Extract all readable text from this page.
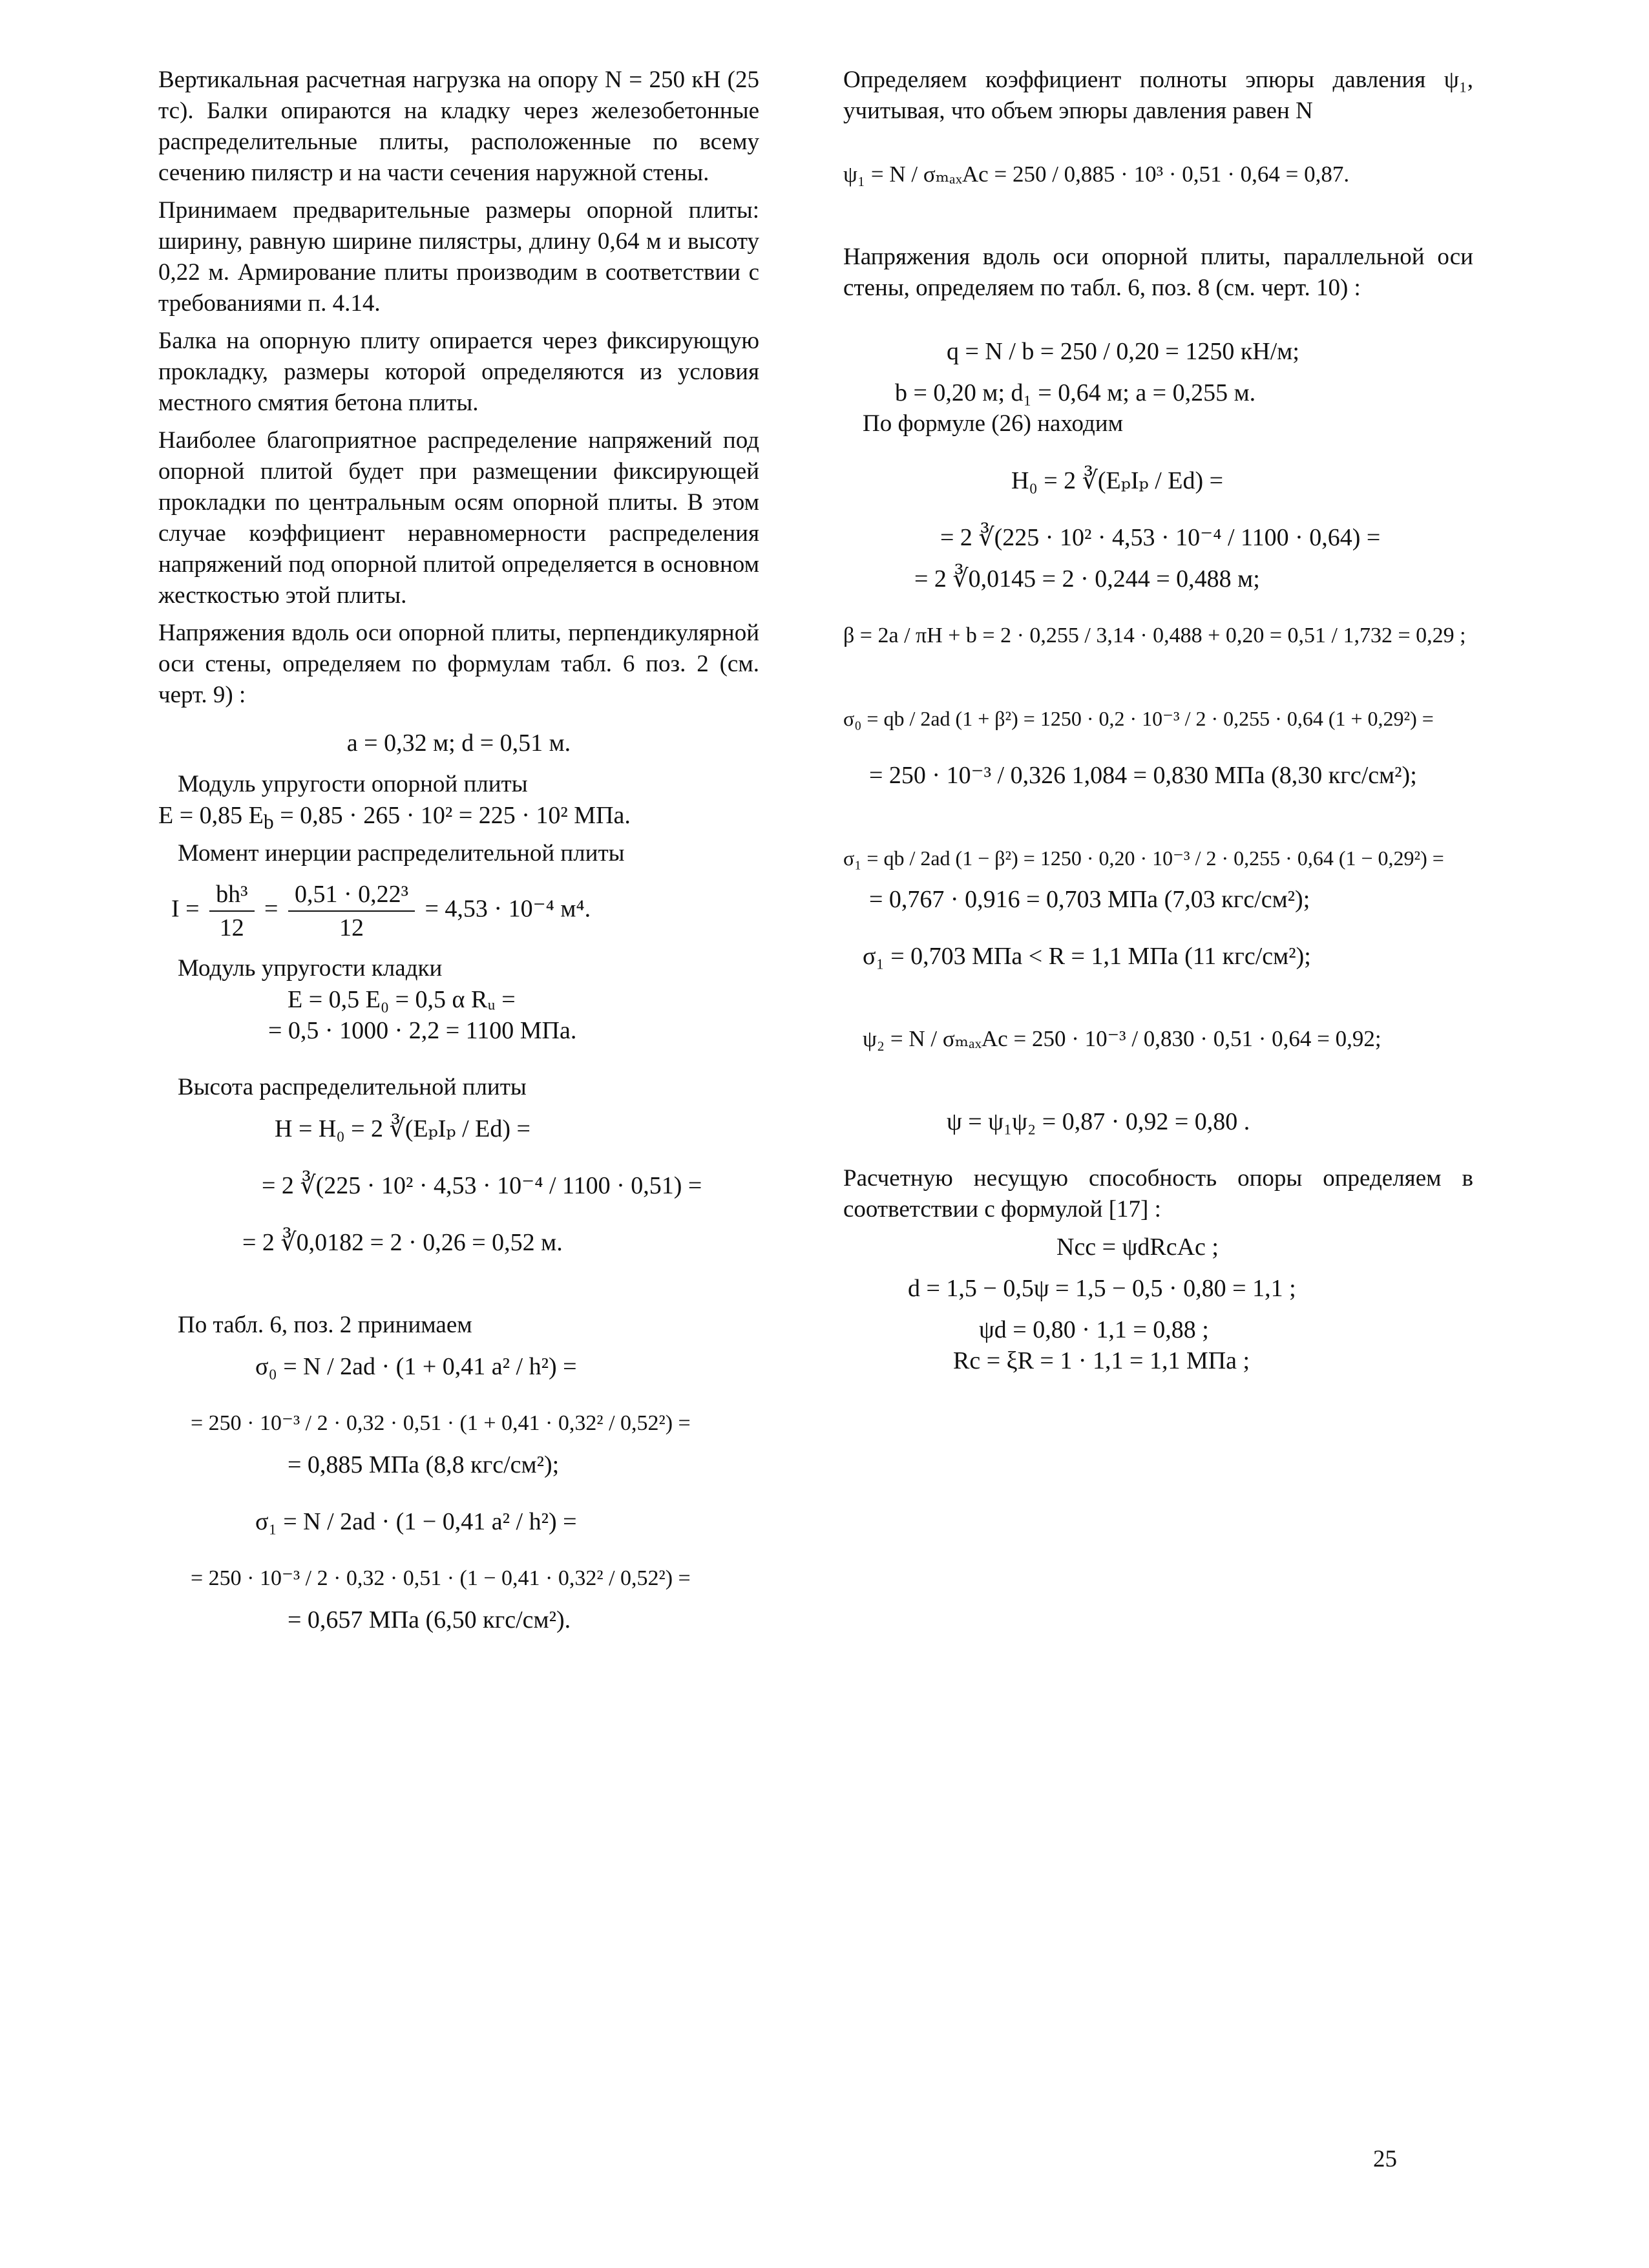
Вертикальная расчетная нагрузка на опору N = 250 кН (25 тс). Балки опираются на кладку через железобетонные распределительные плиты, расположенные по всему сечению пилястр и на части сечения наружной стены.

Принимаем предварительные размеры опорной плиты: ширину, равную ширине пилястры, длину 0,64 м и высоту 0,22 м. Армирование плиты производим в соответствии с требованиями п. 4.14.

Балка на опорную плиту опирается через фиксирующую прокладку, размеры которой определяются из условия местного смятия бетона плиты.

Наиболее благоприятное распределение напряжений под опорной плитой будет при размещении фиксирующей прокладки по центральным осям опорной плиты. В этом случае коэффициент неравномерности распределения напряжений под опорной плитой определяется в основном жесткостью этой плиты.

Напряжения вдоль оси опорной плиты, перпендикулярной оси стены, определяем по формулам табл. 6 поз. 2 (см. черт. 9) :

a = 0,32 м; d = 0,51 м.

Модуль упругости опорной плиты

E = 0,85 $E_b = 0,85 \cdot 265 \cdot 10^2 = 225 \cdot 10^2$ МПа.

Момент инерции распределительной плиты

$I = \frac{\text{bh³}}{12} = \frac{\text{0,51 · 0,22³}}{12} = 4,53 \cdot 10^{-4}$ м⁴.

Модуль упругости кладки

E = 0,5 E₀ = 0,5 α Rᵤ =

= 0,5 · 1000 · 2,2 = 1100 МПа.

Высота распределительной плиты

H = H₀ = 2 ∛(EₚIₚ / Ed) =

= 2 ∛(225 · 10² · 4,53 · 10⁻⁴ / 1100 · 0,51) =

= 2 ∛0,0182 = 2 · 0,26 = 0,52 м.

По табл. 6, поз. 2 принимаем

σ₀ = N / 2ad · (1 + 0,41 a² / h²) =

= 250 · 10⁻³ / 2 · 0,32 · 0,51 · (1 + 0,41 · 0,32² / 0,52²) =

= 0,885 МПа (8,8 кгс/см²);

σ₁ = N / 2ad · (1 − 0,41 a² / h²) =

= 250 · 10⁻³ / 2 · 0,32 · 0,51 · (1 − 0,41 · 0,32² / 0,52²) =

= 0,657 МПа (6,50 кгс/см²).

Определяем коэффициент полноты эпюры давления ψ₁, учитывая, что объем эпюры давления равен N

ψ₁ = N / σₘₐₓAc = 250 / 0,885 · 10³ · 0,51 · 0,64 = 0,87.

Напряжения вдоль оси опорной плиты, параллельной оси стены, определяем по табл. 6, поз. 8 (см. черт. 10) :

q = N / b = 250 / 0,20 = 1250 кН/м;

b = 0,20 м; d₁ = 0,64 м; a = 0,255 м.

По формуле (26) находим

H₀ = 2 ∛(EₚIₚ / Ed) =

= 2 ∛(225 · 10² · 4,53 · 10⁻⁴ / 1100 · 0,64) =

= 2 ∛0,0145 = 2 · 0,244 = 0,488 м;

β = 2a / πH + b = 2 · 0,255 / 3,14 · 0,488 + 0,20 = 0,51 / 1,732 = 0,29 ;

σ₀ = qb / 2ad (1 + β²) = 1250 · 0,2 · 10⁻³ / 2 · 0,255 · 0,64 (1 + 0,29²) =

= 250 · 10⁻³ / 0,326 1,084 = 0,830 МПа (8,30 кгс/см²);

σ₁ = qb / 2ad (1 − β²) = 1250 · 0,20 · 10⁻³ / 2 · 0,255 · 0,64 (1 − 0,29²) =

= 0,767 · 0,916 = 0,703 МПа (7,03 кгс/см²);

σ₁ = 0,703 МПа < R = 1,1 МПа (11 кгс/см²);

ψ₂ = N / σₘₐₓAc = 250 · 10⁻³ / 0,830 · 0,51 · 0,64 = 0,92;

ψ = ψ₁ψ₂ = 0,87 · 0,92 = 0,80 .

Расчетную несущую способность опоры определяем в соответствии с формулой [17] :

Ncc = ψdRcAc ;

d = 1,5 − 0,5ψ = 1,5 − 0,5 · 0,80 = 1,1 ;

ψd = 0,80 · 1,1 = 0,88 ;

Rc = ξR = 1 · 1,1 = 1,1 МПа ;

25
